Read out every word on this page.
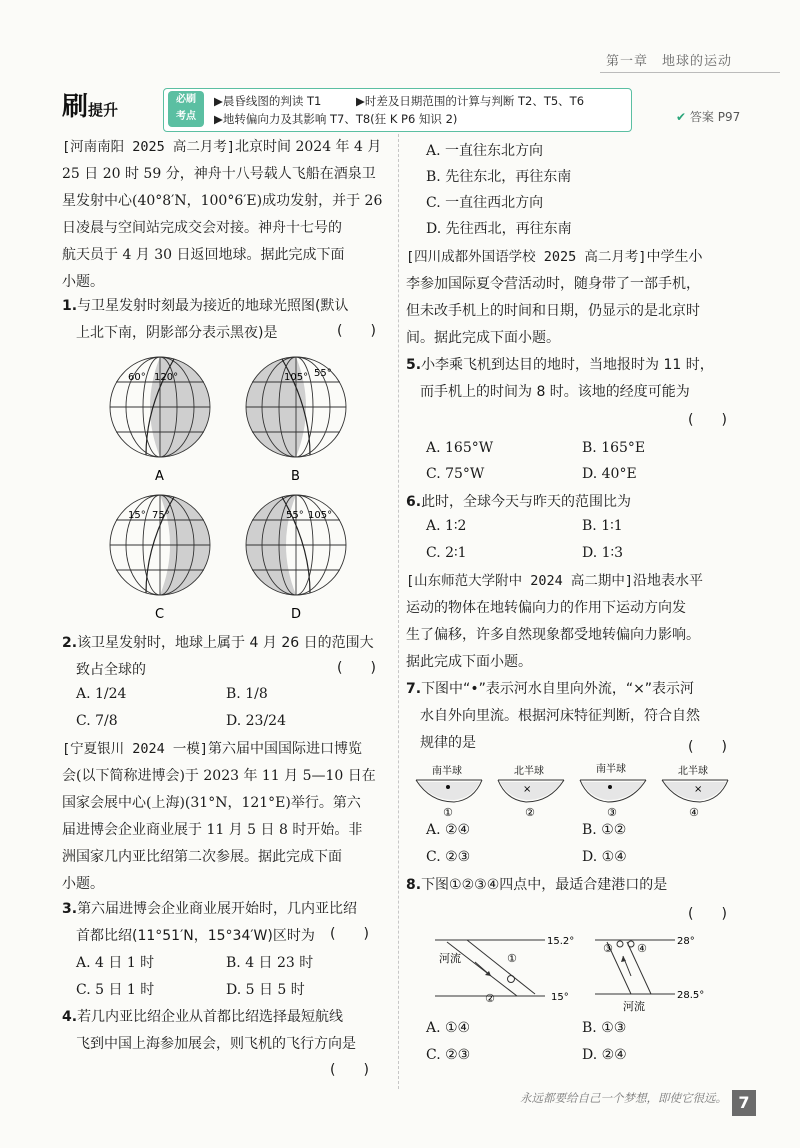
第一章　地球的运动
刷提升
必刷
考点
▶晨昏线图的判读 T1	▶时差及日期范围的计算与判断 T2、T5、T6
▶地转偏向力及其影响 T7、T8(狂 K P6 知识 2)	✔ 答案 P97
[河南南阳 2025 高二月考]北京时间 2024 年 4 月
25 日 20 时 59 分，神舟十八号载人飞船在酒泉卫
星发射中心(40°8′N，100°6′E)成功发射，并于 26
日凌晨与空间站完成交会对接。神舟十七号的
航天员于 4 月 30 日返回地球。据此完成下面
小题。
1.与卫星发射时刻最为接近的地球光照图(默认
上北下南，阴影部分表示黑夜)是	(　　)
60° 120°	105° 55°
15° 75°	55° 105°
A	B
C	D
2.该卫星发射时，地球上属于 4 月 26 日的范围大
致占全球的	(　　)
A. 1/24	B. 1/8
C. 7/8	D. 23/24
[宁夏银川 2024 一模]第六届中国国际进口博览
会(以下简称进博会)于 2023 年 11 月 5—10 日在
国家会展中心(上海)(31°N，121°E)举行。第六
届进博会企业商业展于 11 月 5 日 8 时开始。非
洲国家几内亚比绍第二次参展。据此完成下面
小题。
3.第六届进博会企业商业展开始时，几内亚比绍
首都比绍(11°51′N，15°34′W)区时为	(　　)
A. 4 日 1 时	B. 4 日 23 时
C. 5 日 1 时	D. 5 日 5 时
4.若几内亚比绍企业从首都比绍选择最短航线
飞到中国上海参加展会，则飞机的飞行方向是
(　　)
A. 一直往东北方向
B. 先往东北，再往东南
C. 一直往西北方向
D. 先往西北，再往东南
[四川成都外国语学校 2025 高二月考]中学生小
李参加国际夏令营活动时，随身带了一部手机，
但未改手机上的时间和日期，仍显示的是北京时
间。据此完成下面小题。
5.小李乘飞机到达目的地时，当地报时为 11 时，
而手机上的时间为 8 时。该地的经度可能为
(　　)
A. 165°W	B. 165°E
C. 75°W	D. 40°E
6.此时，全球今天与昨天的范围比为
A. 1∶2	B. 1∶1
C. 2∶1	D. 1∶3
[山东师范大学附中 2024 高二期中]沿地表水平
运动的物体在地转偏向力的作用下运动方向发
生了偏移，许多自然现象都受地转偏向力影响。
据此完成下面小题。
7.下图中“•”表示河水自里向外流，“×”表示河
水自外向里流。根据河床特征判断，符合自然
规律的是	(　　)
×	×
南半球	北半球	南半球	北半球
①	②	③	④
A. ②④	B. ①②
C. ②③	D. ①④
8.下图①②③④四点中，最适合建港口的是
(　　)
15.2°
15°
28°
28.5°
河流
河流
①
②
③ ④
A. ①④	B. ①③
C. ②③	D. ②④
永远都要给自己一个梦想，即使它很远。 7
